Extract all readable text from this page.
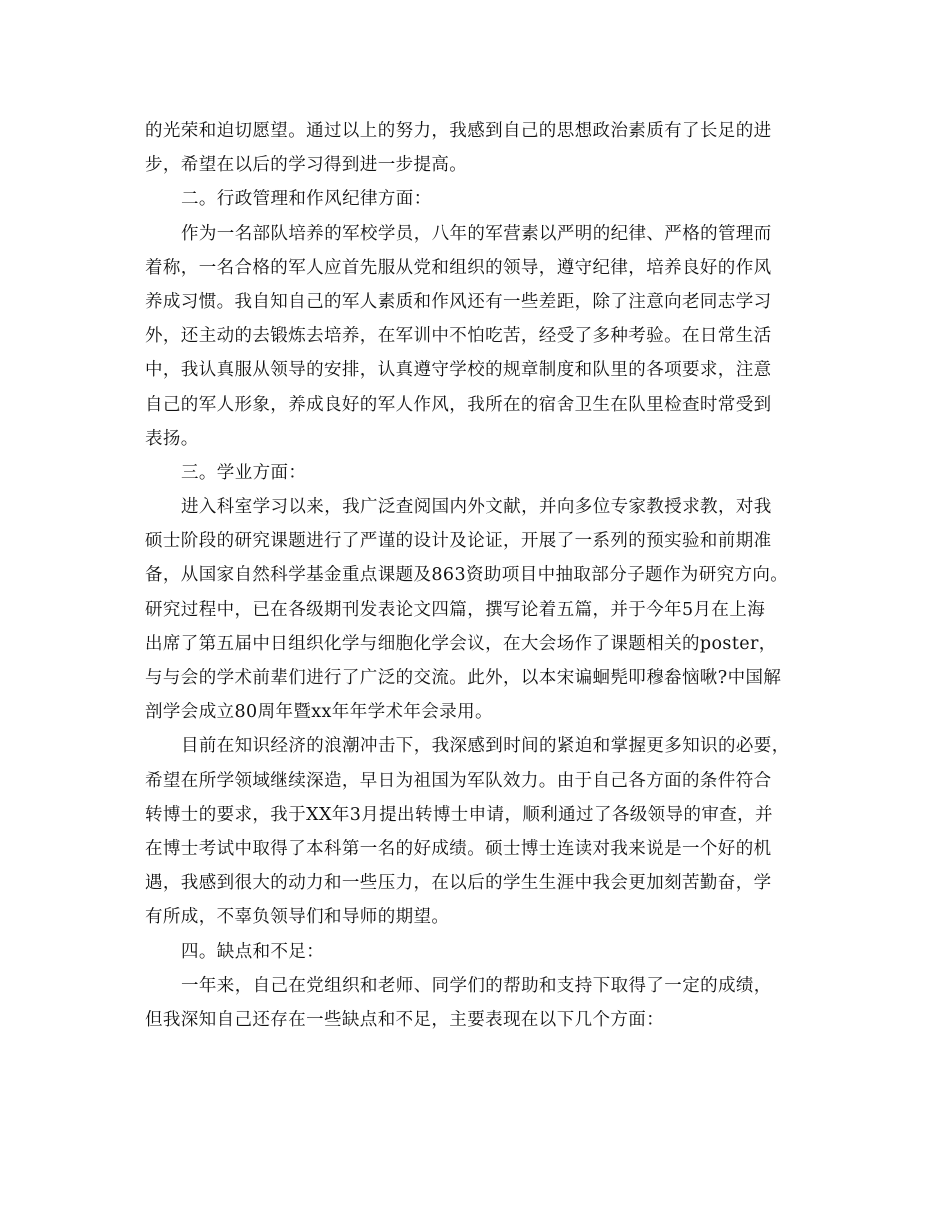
的光荣和迫切愿望。通过以上的努力，我感到自己的思想政治素质有了长足的进
步，希望在以后的学习得到进一步提高。
二。行政管理和作风纪律方面：
作为一名部队培养的军校学员，八年的军营素以严明的纪律、严格的管理而
着称，一名合格的军人应首先服从党和组织的领导，遵守纪律，培养良好的作风
养成习惯。我自知自己的军人素质和作风还有一些差距，除了注意向老同志学习
外，还主动的去锻炼去培养，在军训中不怕吃苦，经受了多种考验。在日常生活
中，我认真服从领导的安排，认真遵守学校的规章制度和队里的各项要求，注意
自己的军人形象，养成良好的军人作风，我所在的宿舍卫生在队里检查时常受到
表扬。
三。学业方面：
进入科室学习以来，我广泛查阅国内外文献，并向多位专家教授求教，对我
硕士阶段的研究课题进行了严谨的设计及论证，开展了一系列的预实验和前期准
备，从国家自然科学基金重点课题及863资助项目中抽取部分子题作为研究方向。
研究过程中，已在各级期刊发表论文四篇，撰写论着五篇，并于今年5月在上海
出席了第五届中日组织化学与细胞化学会议，在大会场作了课题相关的poster，
与与会的学术前辈们进行了广泛的交流。此外，以本宋谝蛔髡叩穆畚恼啾?中国解
剖学会成立80周年暨xx年年学术年会录用。
目前在知识经济的浪潮冲击下，我深感到时间的紧迫和掌握更多知识的必要，
希望在所学领域继续深造，早日为祖国为军队效力。由于自己各方面的条件符合
转博士的要求，我于XX年3月提出转博士申请，顺利通过了各级领导的审查，并
在博士考试中取得了本科第一名的好成绩。硕士博士连读对我来说是一个好的机
遇，我感到很大的动力和一些压力，在以后的学生生涯中我会更加刻苦勤奋，学
有所成，不辜负领导们和导师的期望。
四。缺点和不足：
一年来，自己在党组织和老师、同学们的帮助和支持下取得了一定的成绩，
但我深知自己还存在一些缺点和不足，主要表现在以下几个方面：
